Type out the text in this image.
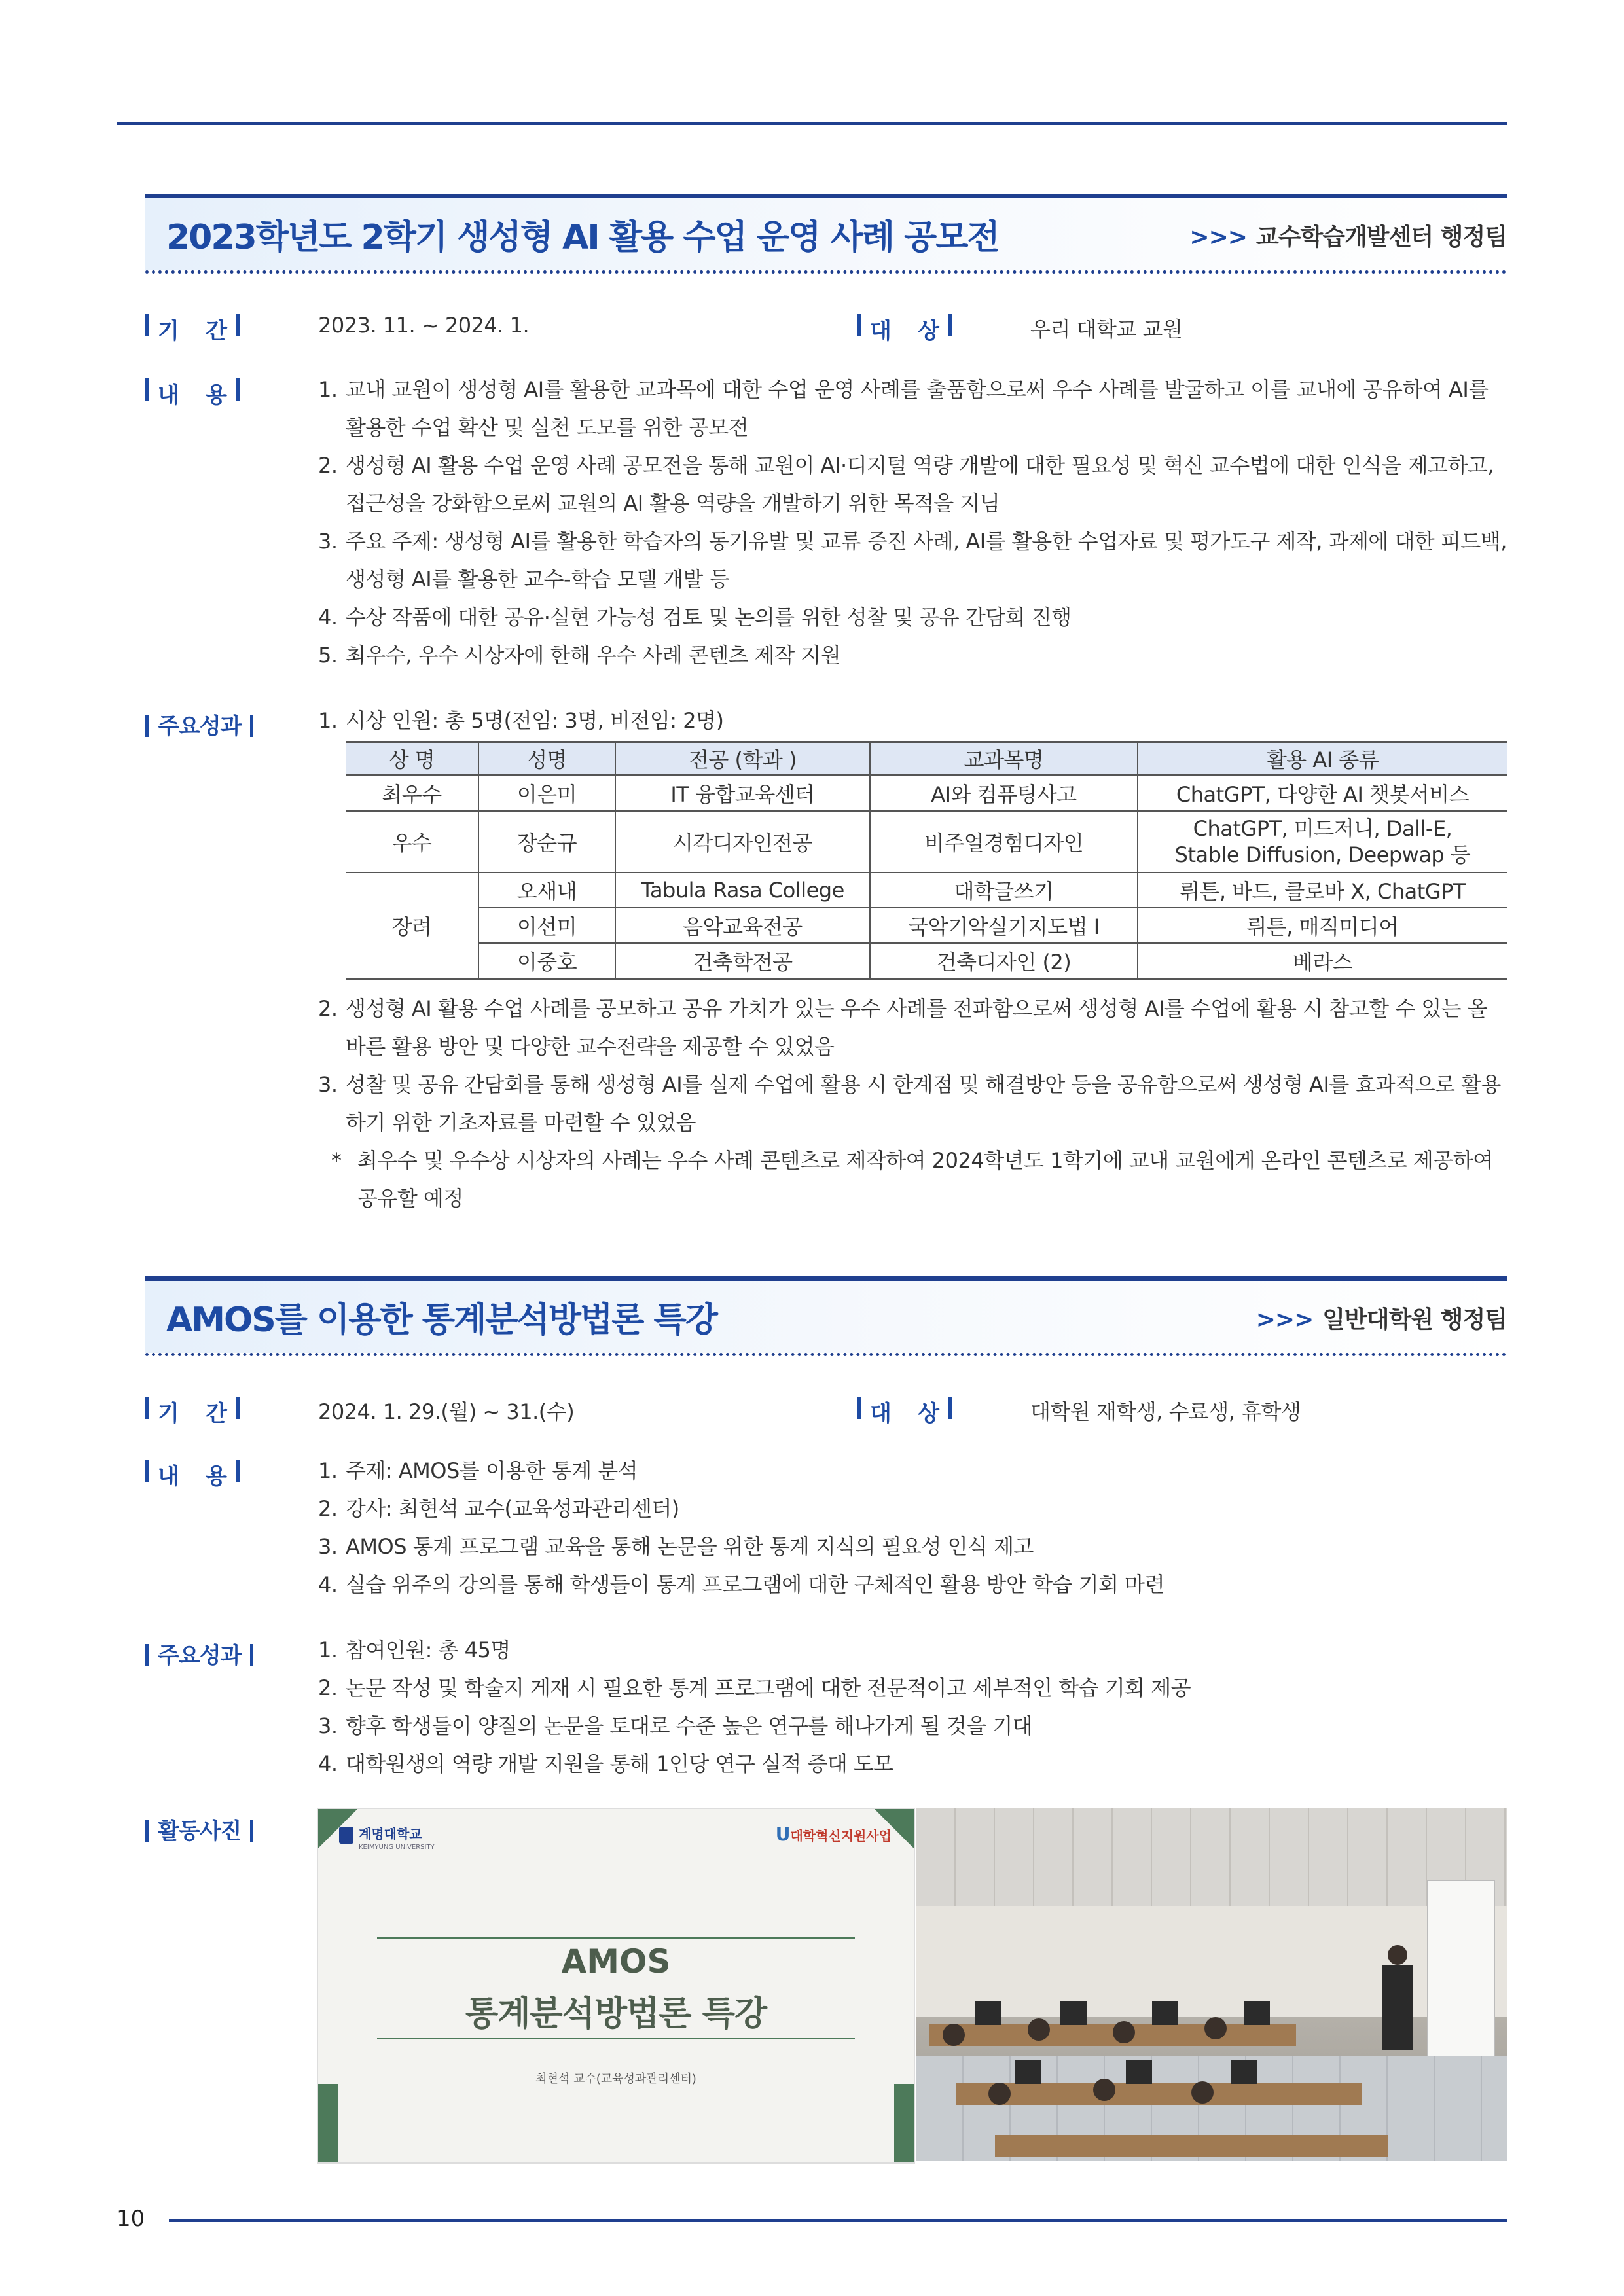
2023학년도 2학기 생성형 AI 활용 수업 운영 사례 공모전	>>> 교수학습개발센터 행정팀
기 간	2023. 11. ~ 2024. 1.	대 상	우리 대학교 교원
내 용	1. 교내 교원이 생성형 AI를 활용한 교과목에 대한 수업 운영 사례를 출품함으로써 우수 사례를 발굴하고 이를 교내에 공유하여 AI를 활용한 수업 확산 및 실천 도모를 위한 공모전
2. 생성형 AI 활용 수업 운영 사례 공모전을 통해 교원이 AI·디지털 역량 개발에 대한 필요성 및 혁신 교수법에 대한 인식을 제고하고, 접근성을 강화함으로써 교원의 AI 활용 역량을 개발하기 위한 목적을 지님
3. 주요 주제: 생성형 AI를 활용한 학습자의 동기유발 및 교류 증진 사례, AI를 활용한 수업자료 및 평가도구 제작, 과제에 대한 피드백, 생성형 AI를 활용한 교수-학습 모델 개발 등
4. 수상 작품에 대한 공유·실현 가능성 검토 및 논의를 위한 성찰 및 공유 간담회 진행
5. 최우수, 우수 시상자에 한해 우수 사례 콘텐츠 제작 지원
주요성과	1. 시상 인원: 총 5명(전임: 3명, 비전임: 2명)
상 명	성명	전공 (학과 )	교과목명	활용 AI 종류
최우수	이은미	IT 융합교육센터	AI와 컴퓨팅사고	ChatGPT, 다양한 AI 챗봇서비스
우수	장순규	시각디자인전공	비주얼경험디자인	ChatGPT, 미드저니, Dall-E,
Stable Diffusion, Deepwap 등

장려	오새내	Tabula Rasa College	대학글쓰기	뤼튼, 바드, 클로바 X, ChatGPT
	이선미	음악교육전공	국악기악실기지도법 I	뤼튼, 매직미디어
	이중호	건축학전공	건축디자인 (2)	베라스
2. 생성형 AI 활용 수업 사례를 공모하고 공유 가치가 있는 우수 사례를 전파함으로써 생성형 AI를 수업에 활용 시 참고할 수 있는 올바른 활용 방안 및 다양한 교수전략을 제공할 수 있었음
3. 성찰 및 공유 간담회를 통해 생성형 AI를 실제 수업에 활용 시 한계점 및 해결방안 등을 공유함으로써 생성형 AI를 효과적으로 활용하기 위한 기초자료를 마련할 수 있었음
* 최우수 및 우수상 시상자의 사례는 우수 사례 콘텐츠로 제작하여 2024학년도 1학기에 교내 교원에게 온라인 콘텐츠로 제공하여 공유할 예정
AMOS를 이용한 통계분석방법론 특강	>>> 일반대학원 행정팀
기 간	2024. 1. 29.(월) ~ 31.(수)	대 상	대학원 재학생, 수료생, 휴학생
내 용	1. 주제: AMOS를 이용한 통계 분석
2. 강사: 최현석 교수(교육성과관리센터)
3. AMOS 통계 프로그램 교육을 통해 논문을 위한 통계 지식의 필요성 인식 제고
4. 실습 위주의 강의를 통해 학생들이 통계 프로그램에 대한 구체적인 활용 방안 학습 기회 마련
주요성과	1. 참여인원: 총 45명
2. 논문 작성 및 학술지 게재 시 필요한 통계 프로그램에 대한 전문적이고 세부적인 학습 기회 제공
3. 향후 학생들이 양질의 논문을 토대로 수준 높은 연구를 해나가게 될 것을 기대
4. 대학원생의 역량 개발 지원을 통해 1인당 연구 실적 증대 도모
활동사진	계명대학교
KEIMYUNG UNIVERSITY
U대학혁신지원사업
AMOS
통계분석방법론 특강
최현석 교수(교육성과관리센터)
10
